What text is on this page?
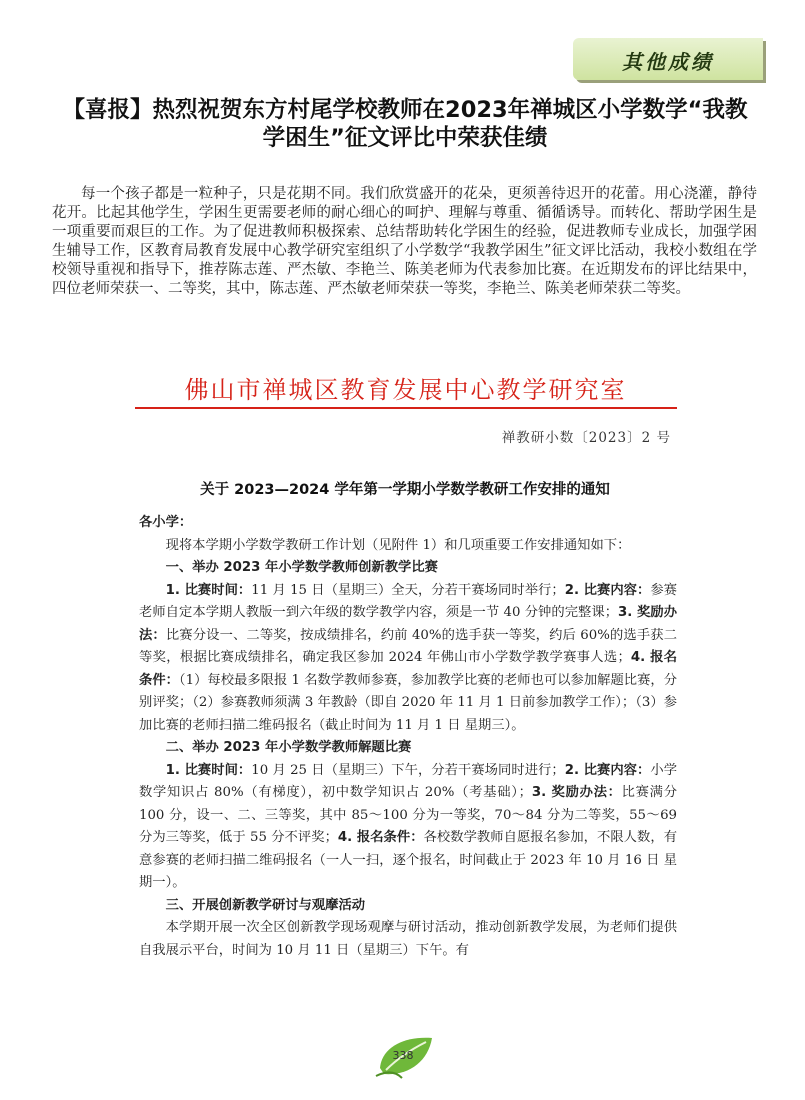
其他成绩
【喜报】热烈祝贺东方村尾学校教师在2023年禅城区小学数学“我教学困生”征文评比中荣获佳绩

每一个孩子都是一粒种子，只是花期不同。我们欣赏盛开的花朵，更须善待迟开的花蕾。用心浇灌，静待花开。比起其他学生，学困生更需要老师的耐心细心的呵护、理解与尊重、循循诱导。而转化、帮助学困生是一项重要而艰巨的工作。为了促进教师积极探索、总结帮助转化学困生的经验，促进教师专业成长，加强学困生辅导工作，区教育局教育发展中心教学研究室组织了小学数学“我教学困生”征文评比活动，我校小数组在学校领导重视和指导下，推荐陈志莲、严杰敏、李艳兰、陈美老师为代表参加比赛。在近期发布的评比结果中，四位老师荣获一、二等奖，其中，陈志莲、严杰敏老师荣获一等奖，李艳兰、陈美老师荣获二等奖。

佛山市禅城区教育发展中心教学研究室
禅教研小数〔2023〕2 号
关于 2023—2024 学年第一学期小学数学教研工作安排的通知

各小学：

现将本学期小学数学教研工作计划（见附件 1）和几项重要工作安排通知如下：

一、举办 2023 年小学数学教师创新教学比赛

1. 比赛时间：11 月 15 日（星期三）全天，分若干赛场同时举行；2. 比赛内容：参赛老师自定本学期人教版一到六年级的数学教学内容，须是一节 40 分钟的完整课；3. 奖励办法：比赛分设一、二等奖，按成绩排名，约前 40%的选手获一等奖，约后 60%的选手获二等奖，根据比赛成绩排名，确定我区参加 2024 年佛山市小学数学教学赛事人选；4. 报名条件：（1）每校最多限报 1 名数学教师参赛，参加教学比赛的老师也可以参加解题比赛，分别评奖；（2）参赛教师须满 3 年教龄（即自 2020 年 11 月 1 日前参加教学工作）；（3）参加比赛的老师扫描二维码报名（截止时间为 11 月 1 日 星期三）。

二、举办 2023 年小学数学教师解题比赛

1. 比赛时间：10 月 25 日（星期三）下午，分若干赛场同时进行；2. 比赛内容：小学数学知识占 80%（有梯度），初中数学知识占 20%（考基础）；3. 奖励办法：比赛满分 100 分，设一、二、三等奖，其中 85～100 分为一等奖，70～84 分为二等奖，55～69 分为三等奖，低于 55 分不评奖；4. 报名条件：各校数学教师自愿报名参加，不限人数，有意参赛的老师扫描二维码报名（一人一扫，逐个报名，时间截止于 2023 年 10 月 16 日 星期一）。

三、开展创新教学研讨与观摩活动

本学期开展一次全区创新教学现场观摩与研讨活动，推动创新教学发展，为老师们提供自我展示平台，时间为 10 月 11 日（星期三）下午。有

338
